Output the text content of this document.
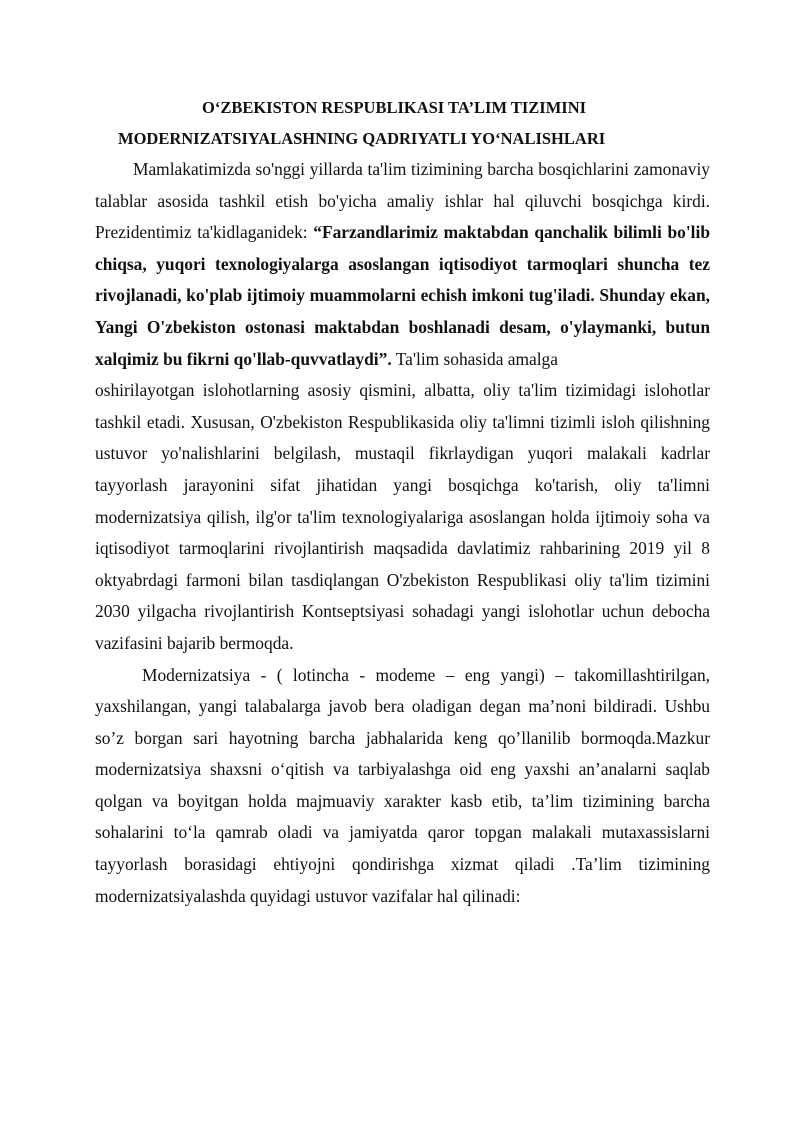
O‘ZBEKISTON RESPUBLIKASI TA’LIM TIZIMINI
MODERNIZATSIYALASHNING QADRIYATLI YO‘NALISHLARI

Mamlakatimizda so'nggi yillarda ta'lim tizimining barcha bosqichlarini zamonaviy talablar asosida tashkil etish bo'yicha amaliy ishlar hal qiluvchi bosqichga kirdi. Prezidentimiz ta'kidlaganidek: “Farzandlarimiz maktabdan qanchalik bilimli bo'lib chiqsa, yuqori texnologiyalarga asoslangan iqtisodiyot tarmoqlari shuncha tez rivojlanadi, ko'plab ijtimoiy muammolarni echish imkoni tug'iladi. Shunday ekan, Yangi O'zbekiston ostonasi maktabdan boshlanadi desam, o'ylaymanki, butun xalqimiz bu fikrni qo'llab-quvvatlaydi”. Ta'lim sohasida amalga

oshirilayotgan islohotlarning asosiy qismini, albatta, oliy ta'lim tizimidagi islohotlar tashkil etadi. Xususan, O'zbekiston Respublikasida oliy ta'limni tizimli isloh qilishning ustuvor yo'nalishlarini belgilash, mustaqil fikrlaydigan yuqori malakali kadrlar tayyorlash jarayonini sifat jihatidan yangi bosqichga ko'tarish, oliy ta'limni modernizatsiya qilish, ilg'or ta'lim texnologiyalariga asoslangan holda ijtimoiy soha va iqtisodiyot tarmoqlarini rivojlantirish maqsadida davlatimiz rahbarining 2019 yil 8 oktyabrdagi farmoni bilan tasdiqlangan O'zbekiston Respublikasi oliy ta'lim tizimini 2030 yilgacha rivojlantirish Kontseptsiyasi sohadagi yangi islohotlar uchun debocha vazifasini bajarib bermoqda.

Modernizatsiya - ( lotincha - modeme – eng yangi) – takomillashtirilgan, yaxshilangan, yangi talabalarga javob bera oladigan degan ma’noni bildiradi. Ushbu so’z borgan sari hayotning barcha jabhalarida keng qo’llanilib bormoqda.Mazkur modernizatsiya shaxsni o‘qitish va tarbiyalashga oid eng yaxshi an’analarni saqlab qolgan va boyitgan holda majmuaviy xarakter kasb etib, ta’lim tizimining barcha sohalarini to‘la qamrab oladi va jamiyatda qaror topgan malakali mutaxassislarni tayyorlash borasidagi ehtiyojni qondirishga xizmat qiladi .Ta’lim tizimining modernizatsiyalashda quyidagi ustuvor vazifalar hal qilinadi:
